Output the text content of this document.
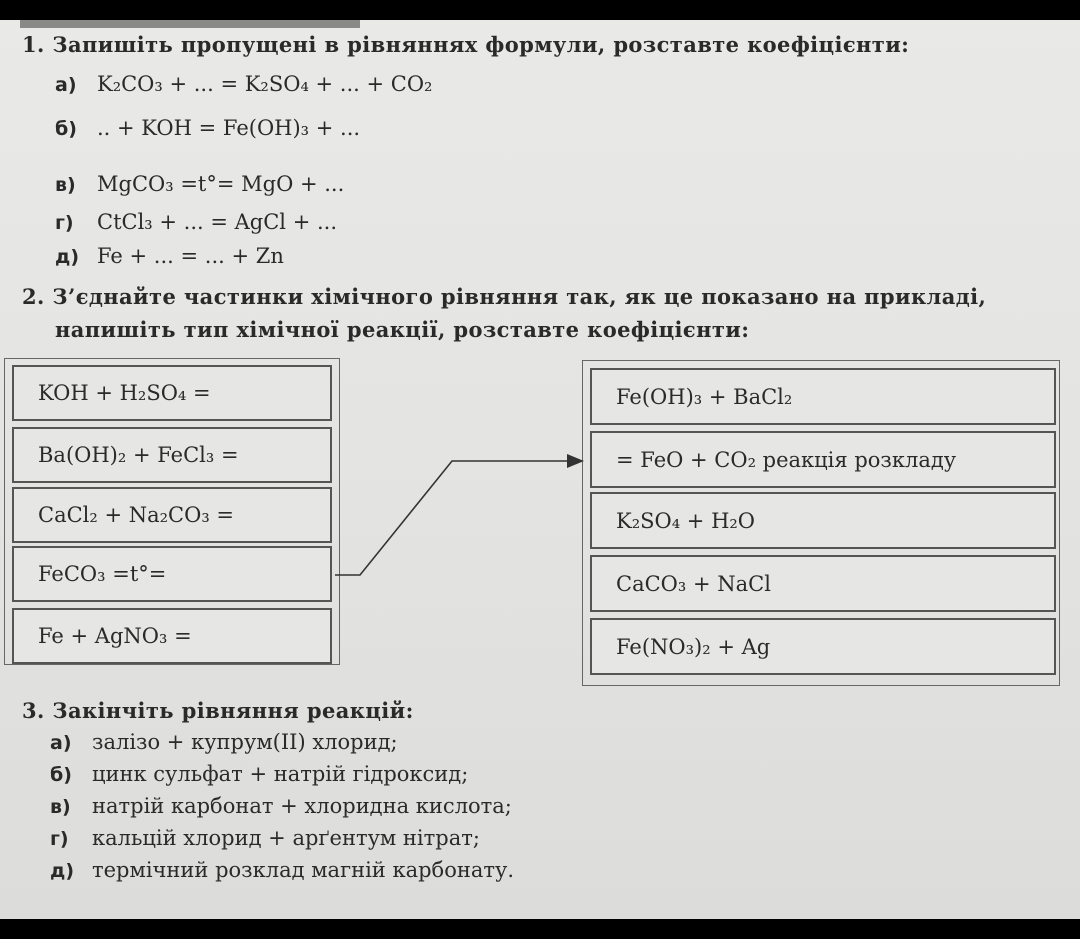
1. Запишіть пропущені в рівняннях формули, розставте коефіцієнти:
а) K₂CO₃ + ... = K₂SO₄ + ... + CO₂
б) .. + KOH = Fe(OH)₃ + ...
в) MgCO₃ =t°= MgO + ...
г) CtCl₃ + ... = AgCl + ...
д) Fe + ... = ... + Zn
2. З’єднайте частинки хімічного рівняння так, як це показано на прикладі,
напишіть тип хімічної реакції, розставте коефіцієнти:
KOH + H₂SO₄ =
Ba(OH)₂ + FeCl₃ =
CaCl₂ + Na₂CO₃ =
FeCO₃ =t°=
Fe + AgNO₃ =
Fe(OH)₃ + BaCl₂
= FeO + CO₂ реакція розкладу
K₂SO₄ + H₂O
CaCO₃ + NaCl
Fe(NO₃)₂ + Ag
3. Закінчіть рівняння реакцій:
а) залізо + купрум(II) хлорид;
б) цинк сульфат + натрій гідроксид;
в) натрій карбонат + хлоридна кислота;
г) кальцій хлорид + арґентум нітрат;
д) термічний розклад магній карбонату.
